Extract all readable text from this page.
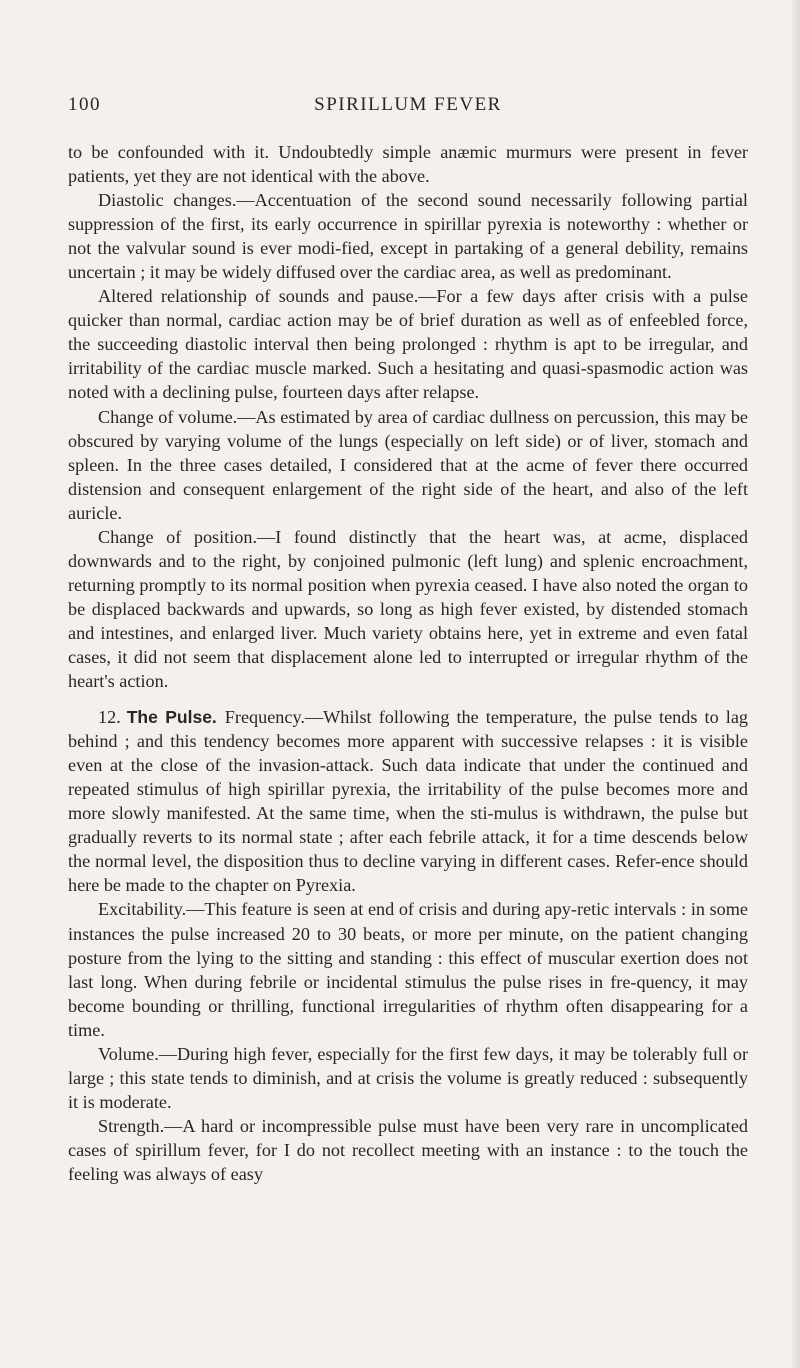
100	SPIRILLUM FEVER

to be confounded with it. Undoubtedly simple anæmic murmurs were present in fever patients, yet they are not identical with the above.

Diastolic changes.—Accentuation of the second sound necessarily following partial suppression of the first, its early occurrence in spirillar pyrexia is noteworthy : whether or not the valvular sound is ever modi-fied, except in partaking of a general debility, remains uncertain ; it may be widely diffused over the cardiac area, as well as predominant.

Altered relationship of sounds and pause.—For a few days after crisis with a pulse quicker than normal, cardiac action may be of brief duration as well as of enfeebled force, the succeeding diastolic interval then being prolonged : rhythm is apt to be irregular, and irritability of the cardiac muscle marked. Such a hesitating and quasi-spasmodic action was noted with a declining pulse, fourteen days after relapse.

Change of volume.—As estimated by area of cardiac dullness on percussion, this may be obscured by varying volume of the lungs (especially on left side) or of liver, stomach and spleen. In the three cases detailed, I considered that at the acme of fever there occurred distension and consequent enlargement of the right side of the heart, and also of the left auricle.

Change of position.—I found distinctly that the heart was, at acme, displaced downwards and to the right, by conjoined pulmonic (left lung) and splenic encroachment, returning promptly to its normal position when pyrexia ceased. I have also noted the organ to be displaced backwards and upwards, so long as high fever existed, by distended stomach and intestines, and enlarged liver. Much variety obtains here, yet in extreme and even fatal cases, it did not seem that displacement alone led to interrupted or irregular rhythm of the heart's action.

12. The Pulse. Frequency.—Whilst following the temperature, the pulse tends to lag behind ; and this tendency becomes more apparent with successive relapses : it is visible even at the close of the invasion-attack. Such data indicate that under the continued and repeated stimulus of high spirillar pyrexia, the irritability of the pulse becomes more and more slowly manifested. At the same time, when the sti-mulus is withdrawn, the pulse but gradually reverts to its normal state ; after each febrile attack, it for a time descends below the normal level, the disposition thus to decline varying in different cases. Refer-ence should here be made to the chapter on Pyrexia.

Excitability.—This feature is seen at end of crisis and during apy-retic intervals : in some instances the pulse increased 20 to 30 beats, or more per minute, on the patient changing posture from the lying to the sitting and standing : this effect of muscular exertion does not last long. When during febrile or incidental stimulus the pulse rises in fre-quency, it may become bounding or thrilling, functional irregularities of rhythm often disappearing for a time.

Volume.—During high fever, especially for the first few days, it may be tolerably full or large ; this state tends to diminish, and at crisis the volume is greatly reduced : subsequently it is moderate.

Strength.—A hard or incompressible pulse must have been very rare in uncomplicated cases of spirillum fever, for I do not recollect meeting with an instance : to the touch the feeling was always of easy
